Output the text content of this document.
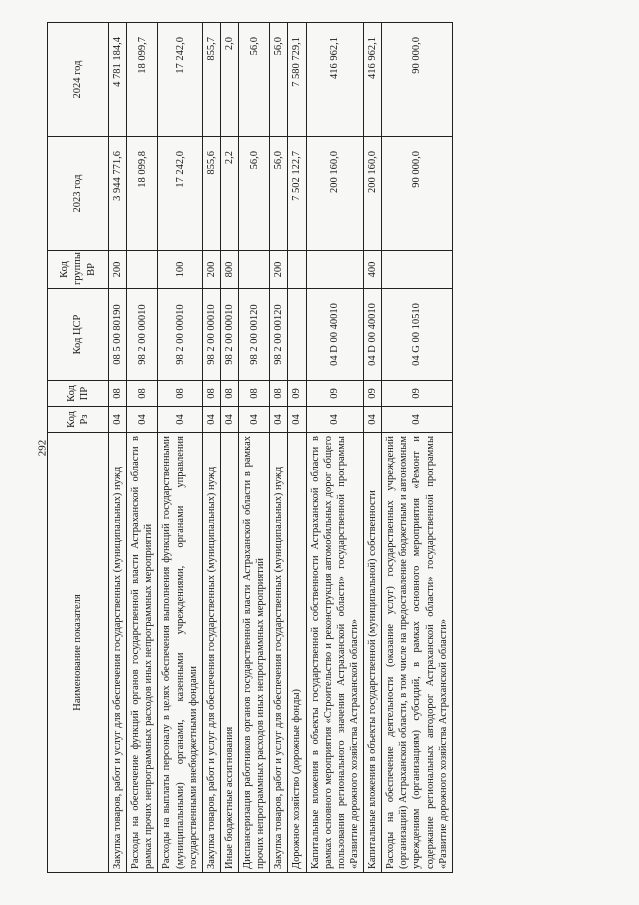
292
Наименование показателя	Код Рз	Код ПР	Код ЦСР	Код группы ВР	2023 год	2024 год
Закупка товаров, работ и услуг для обеспечения государственных (муниципальных) нужд	04	08	08 5 00 80190	200	3 944 771,6	4 781 184,4
Расходы на обеспечение функций органов государственной власти Астраханской области в рамках прочих непрограммных расходов иных непрограммных мероприятий	04	08	98 2 00 00010		18 099,8	18 099,7
Расходы на выплаты персоналу в целях обеспечения выполнения функций государственными (муниципальными) органами, казенными учреждениями, органами управления государственными внебюджетными фондами	04	08	98 2 00 00010	100	17 242,0	17 242,0
Закупка товаров, работ и услуг для обеспечения государственных (муниципальных) нужд	04	08	98 2 00 00010	200	855,6	855,7
Иные бюджетные ассигнования	04	08	98 2 00 00010	800	2,2	2,0
Диспансеризация работников органов государственной власти Астраханской области в рамках прочих непрограммных расходов иных непрограммных мероприятий	04	08	98 2 00 00120		56,0	56,0
Закупка товаров, работ и услуг для обеспечения государственных (муниципальных) нужд	04	08	98 2 00 00120	200	56,0	56,0
Дорожное хозяйство (дорожные фонды)	04	09			7 502 122,7	7 580 729,1
Капитальные вложения в объекты государственной собственности Астраханской области в рамках основного мероприятия «Строительство и реконструкция автомобильных дорог общего пользования регионального значения Астраханской области» государственной программы «Развитие дорожного хозяйства Астраханской области»	04	09	04 D 00 40010		200 160,0	416 962,1
Капитальные вложения в объекты государственной (муниципальной) собственности	04	09	04 D 00 40010	400	200 160,0	416 962,1
Расходы на обеспечение деятельности (оказание услуг) государственных учреждений (организаций) Астраханской области, в том числе на предоставление бюджетным и автономным учреждениям (организациям) субсидий, в рамках основного мероприятия «Ремонт и содержание региональных автодорог Астраханской области» государственной программы «Развитие дорожного хозяйства Астраханской области»	04	09	04 G 00 10510		90 000,0	90 000,0
